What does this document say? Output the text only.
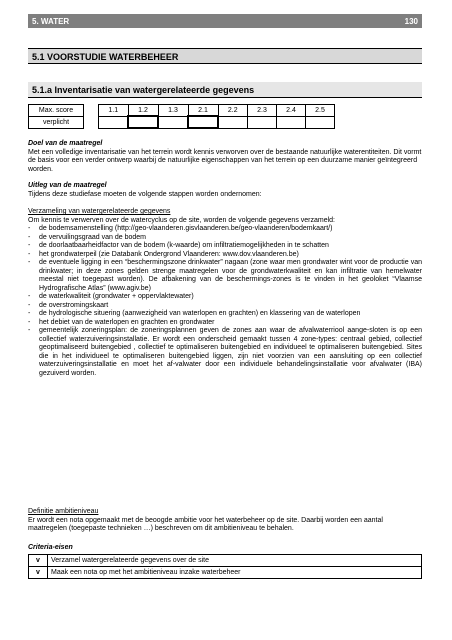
5. WATER	130
5.1 VOORSTUDIE WATERBEHEER
5.1.a Inventarisatie van watergerelateerde gegevens
Max. score		1.1	1.2	1.3	2.1	2.2	2.3	2.4	2.5
verplicht									
Doel van de maatregel
Met een volledige inventarisatie van het terrein wordt kennis verworven over de bestaande natuurlijke waterentiteiten. Dit vormt de basis voor een verder ontwerp waarbij de natuurlijke eigenschappen van het terrein op een duurzame manier geïntegreerd worden.
Uitleg van de maatregel
Tijdens deze studiefase moeten de volgende stappen worden ondernomen:
Verzameling van watergerelateerde gegevens
Om kennis te verwerven over de watercyclus op de site, worden de volgende gegevens verzameld:
- de bodemsamenstelling (http://geo-vlaanderen.gisvlaanderen.be/geo-vlaanderen/bodemkaart/)
- de vervuilingsgraad van de bodem
- de doorlaatbaarheidfactor van de bodem (k-waarde) om infiltratiemogelijkheden in te schatten
- het grondwaterpeil (zie Databank Ondergrond Vlaanderen: www.dov.vlaanderen.be)
- de eventuele ligging in een “beschermingszone drinkwater” nagaan (zone waar men grondwater wint voor de productie van drinkwater; in deze zones gelden strenge maatregelen voor de grondwaterkwaliteit en kan infiltratie van hemelwater meestal niet toegepast worden). De afbakening van de beschermings-zones is te vinden in het geoloket “Vlaamse Hydrografische Atlas” (www.agiv.be)
- de waterkwaliteit (grondwater + oppervlaktewater)
- de overstromingskaart
- de hydrologische situering (aanwezigheid van waterlopen en grachten) en klassering van de waterlopen
- het debiet van de waterlopen en grachten en grondwater
- gemeentelijk zoneringsplan: de zoneringsplannen geven de zones aan waar de afvalwaterriool aange-sloten is op een collectief waterzuiveringsinstallatie. Er wordt een onderscheid gemaakt tussen 4 zone-types: centraal gebied, collectief geoptimaliseerd buitengebied , collectief te optimaliseren buitengebied en individueel te optimaliseren buitengebied. Sites die in het individueel te optimaliseren buitengebied liggen, zijn niet voorzien van een aansluiting op een collectief waterzuiveringsinstallatie en moet het af-valwater door een individuele behandelingsinstallatie voor afvalwater (IBA) gezuiverd worden.
Definitie ambitieniveau
Er wordt een nota opgemaakt met de beoogde ambitie voor het waterbeheer op de site. Daarbij worden een aantal maatregelen (toegepaste technieken …) beschreven om dit ambitieniveau te behalen.
Criteria-eisen
v	Verzamel watergerelateerde gegevens over de site
v	Maak een nota op met het ambitieniveau inzake waterbeheer
